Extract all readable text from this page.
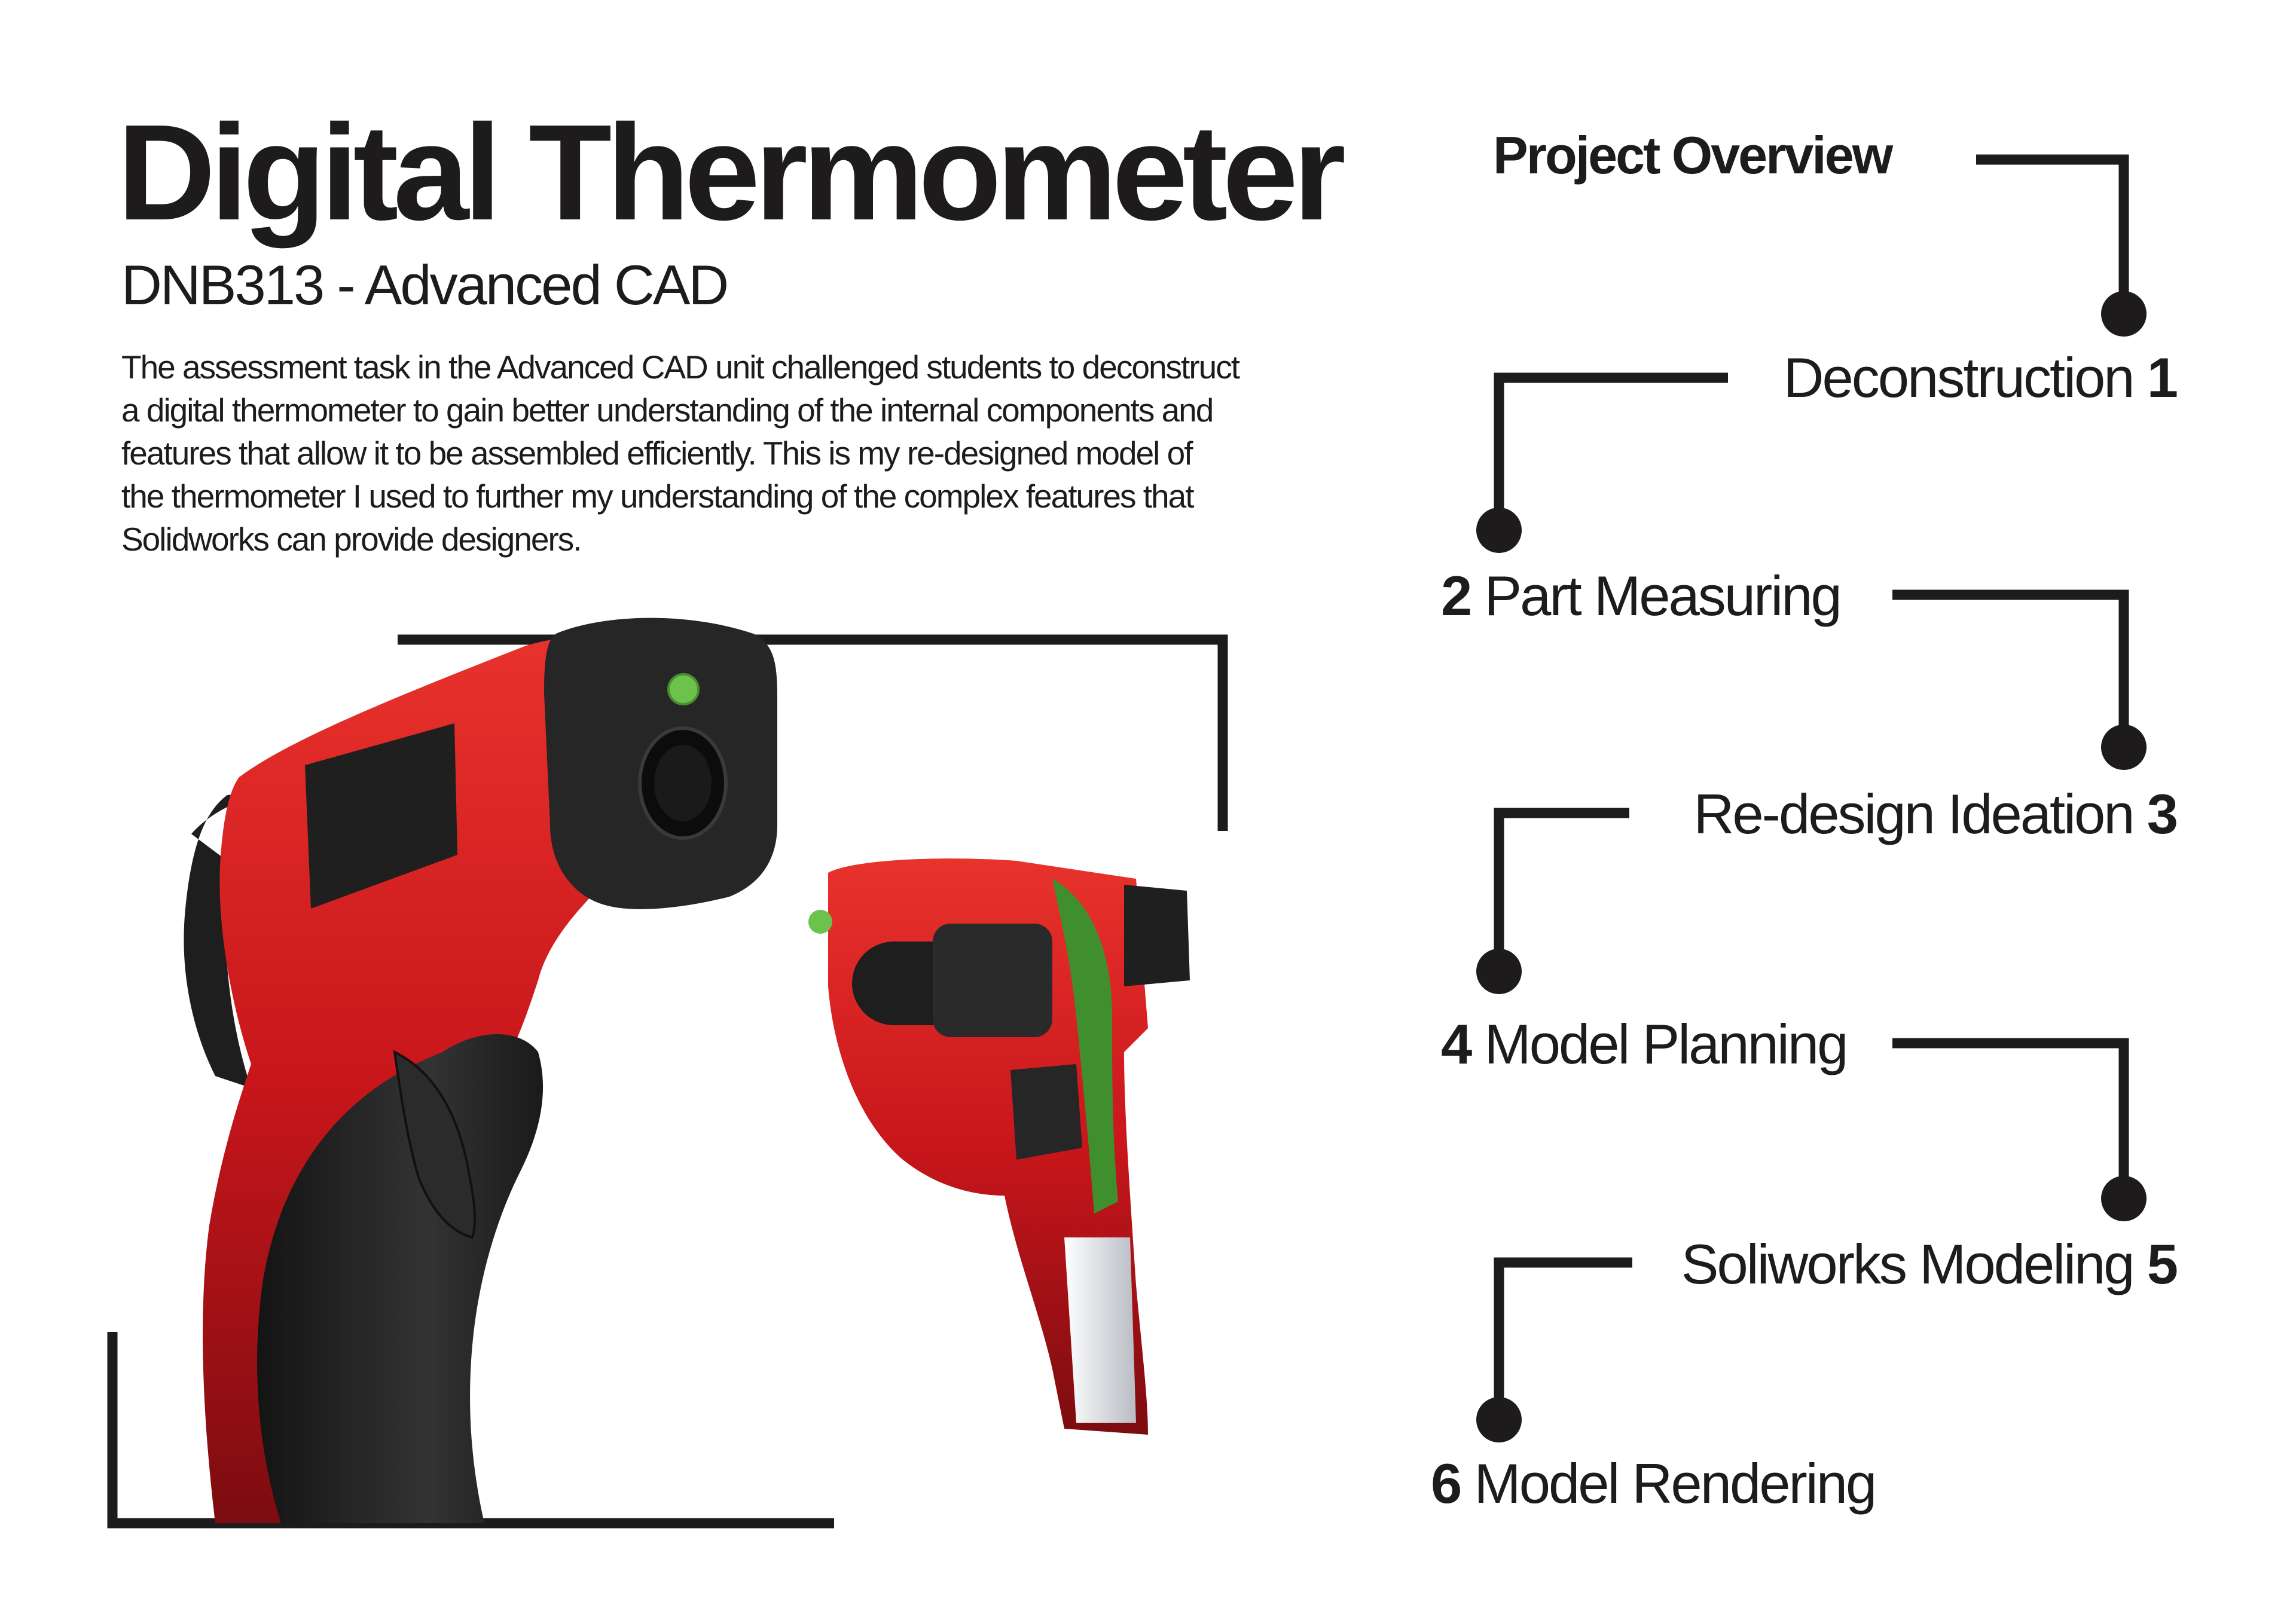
Digital Thermometer
DNB313 - Advanced CAD
The assessment task in the Advanced CAD unit challenged students to deconstruct
a digital thermometer to gain better understanding of the internal components and
features that allow it to be assembled efficiently. This is my re-designed model of
the thermometer I used to further my understanding of the complex features that
Solidworks can provide designers.
Project Overview
Deconstruction 1
2 Part Measuring
Re-design Ideation 3
4 Model Planning
Soliworks Modeling 5
6 Model Rendering
